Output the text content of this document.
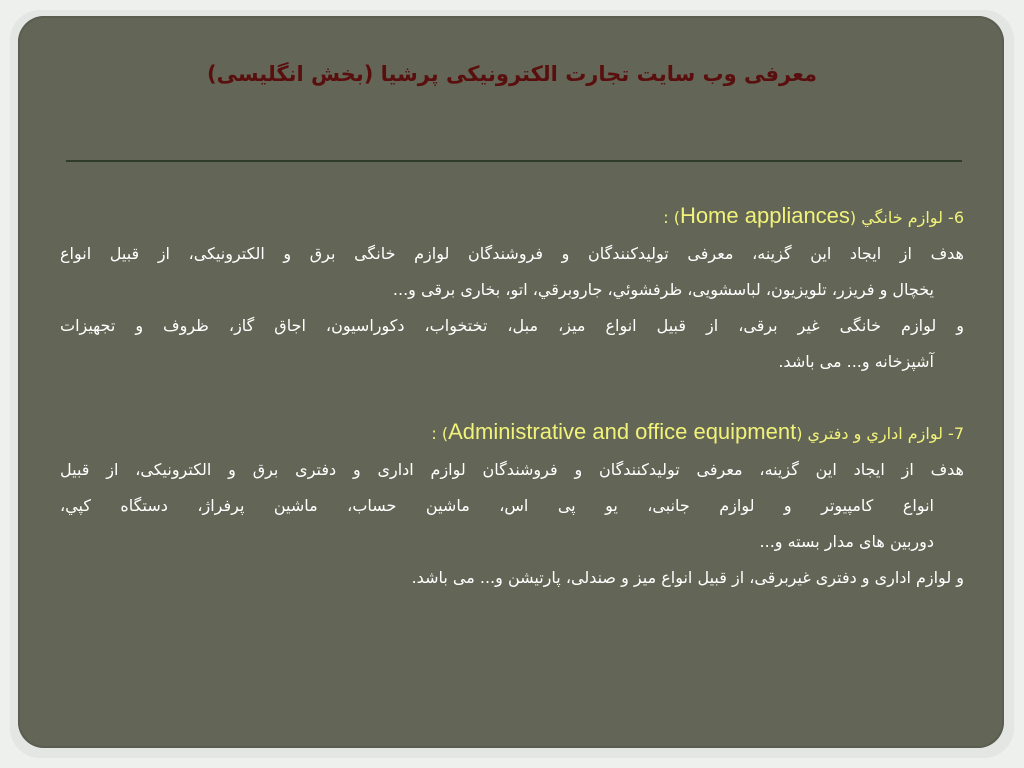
معرفی وب سایت تجارت الکترونیکی پرشیا (بخش انگلیسی)

6- لوازم خانگي (Home appliances) :

هدف از ایجاد این گزینه، معرفی تولیدکنندگان و فروشندگان لوازم خانگی برق و الکترونیکی، از قبیل انواع

یخچال و فریزر، تلویزیون، لباسشویی، ظرفشوئي، جاروبرقي، اتو، بخاری برقی و...

و لوازم خانگی غیر برقی، از قبیل انواع میز، مبل، تختخواب، دکوراسیون، اجاق گاز، ظروف و تجهیزات

آشپزخانه و... می باشد.

7- لوازم اداري و دفتري (Administrative and office equipment) :

هدف از ایجاد این گزینه، معرفی تولیدکنندگان و فروشندگان لوازم اداری و دفتری برق و الکترونیکی، از قبیل

انواع کامپیوتر و لوازم جانبی، یو پی اس، ماشین حساب، ماشین پرفراژ، دستگاه کپي،

دوربین های مدار بسته و...

و لوازم اداری و دفتری غیربرقی، از قبیل انواع میز و صندلی، پارتیشن و... می باشد.
